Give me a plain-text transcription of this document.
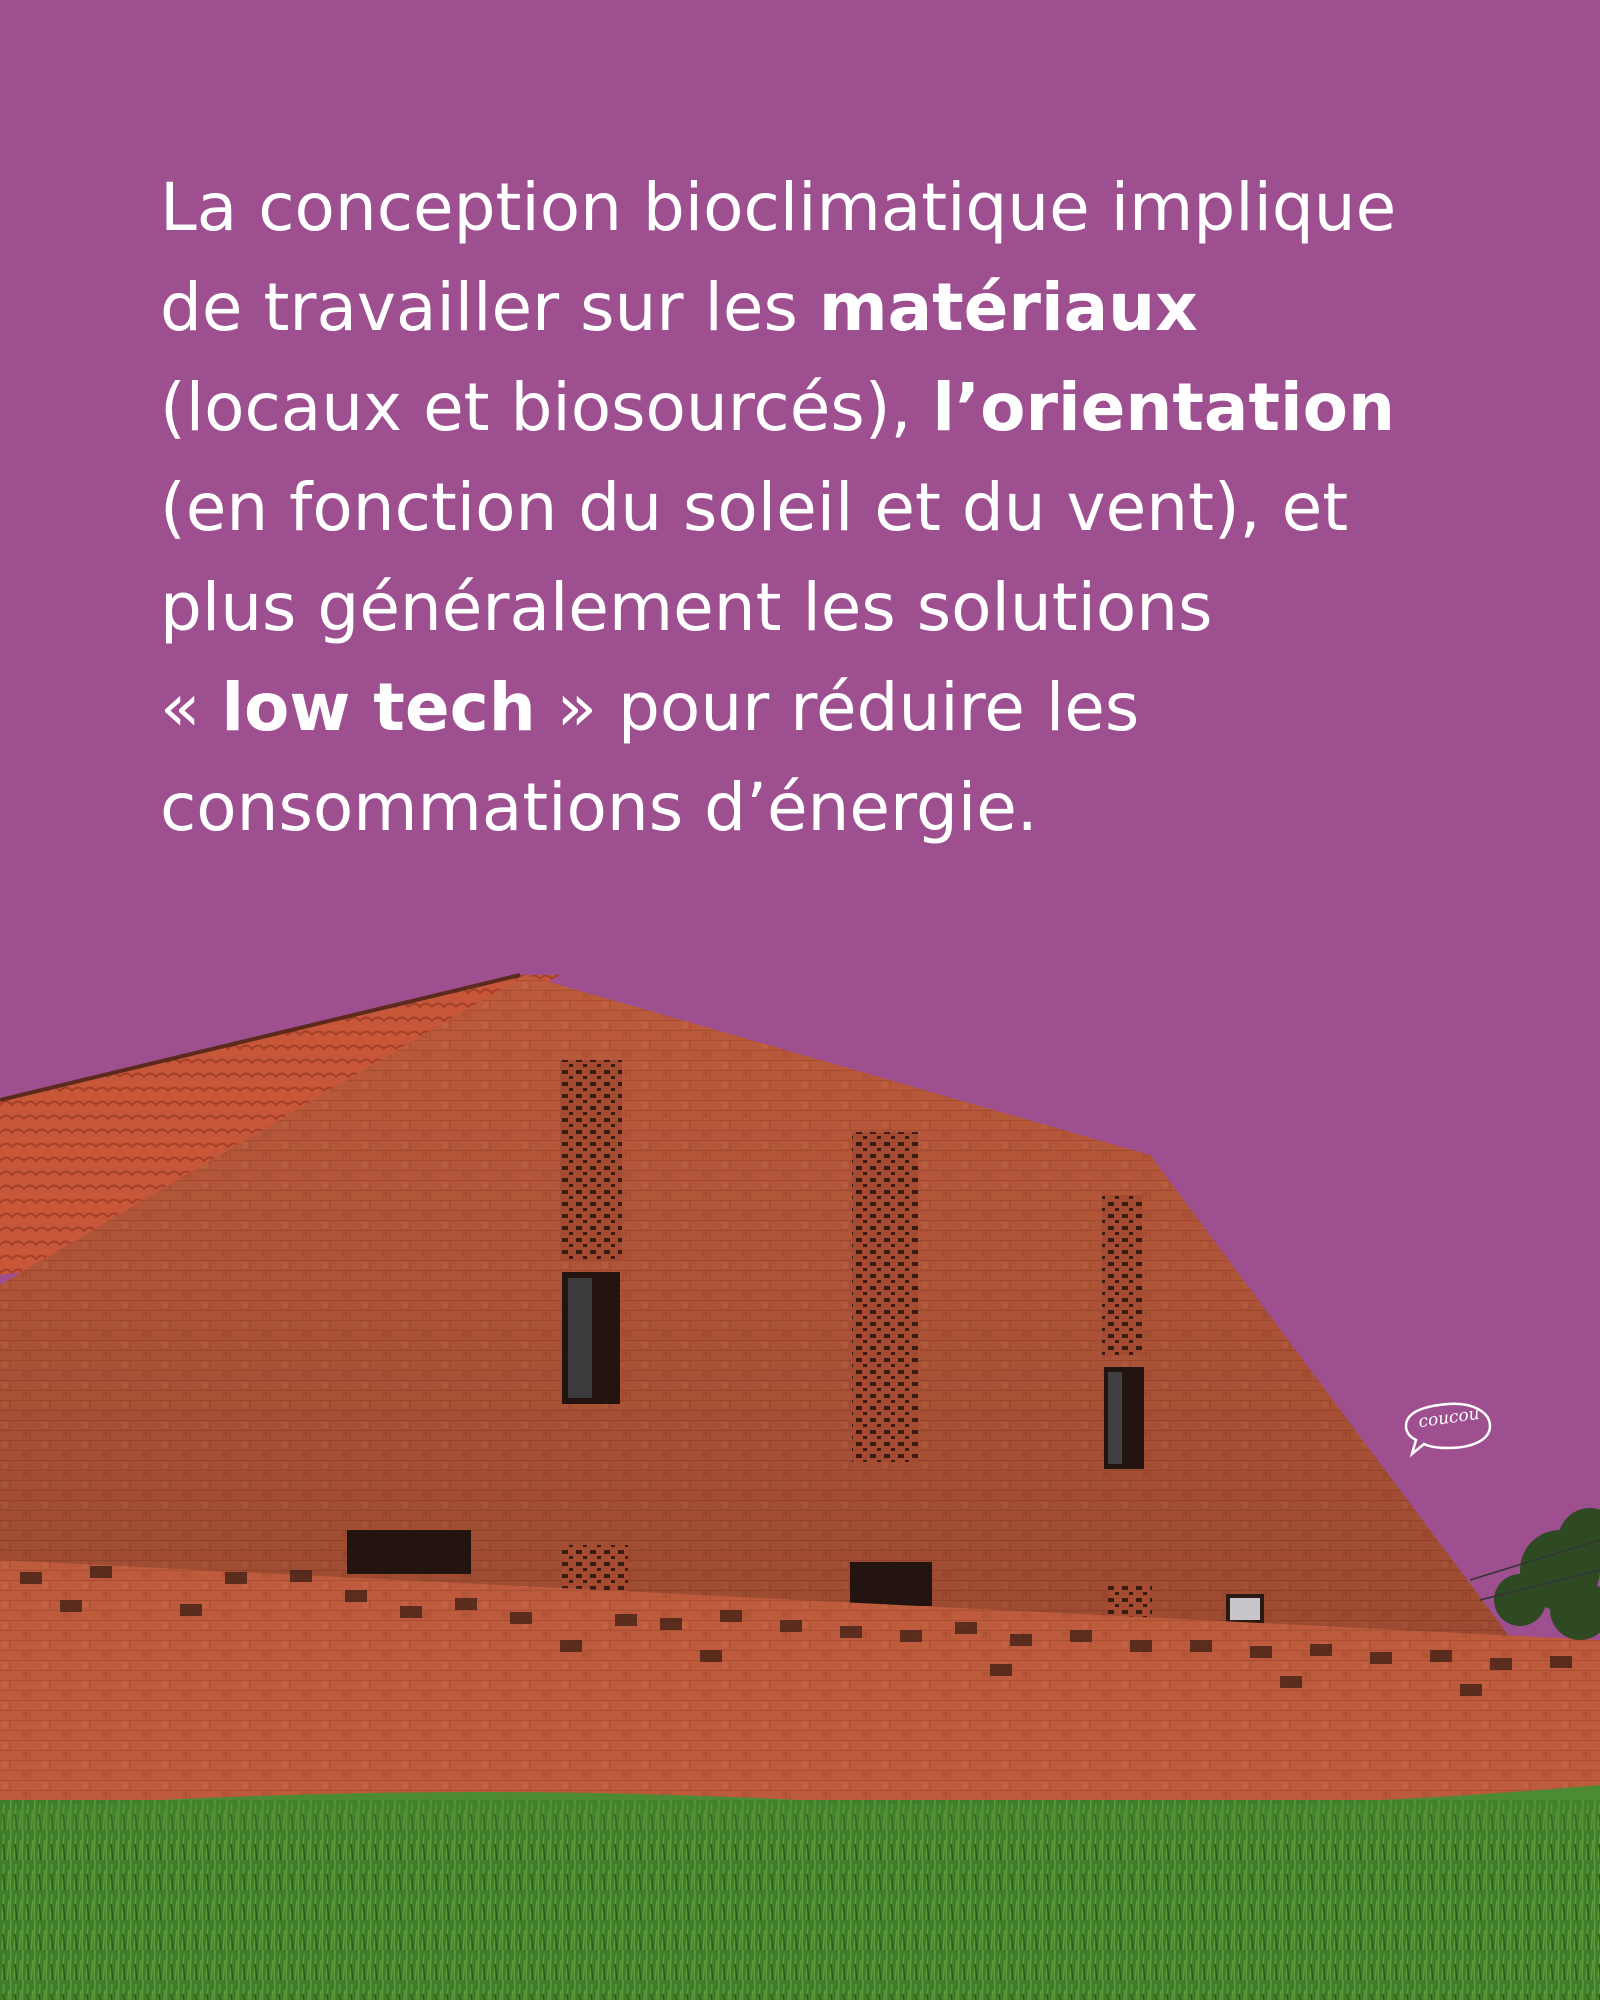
La conception bioclimatique implique
de travailler sur les matériaux
(locaux et biosourcés), l’orientation
(en fonction du soleil et du vent), et
plus généralement les solutions
« low tech » pour réduire les
consommations d’énergie.
coucou
